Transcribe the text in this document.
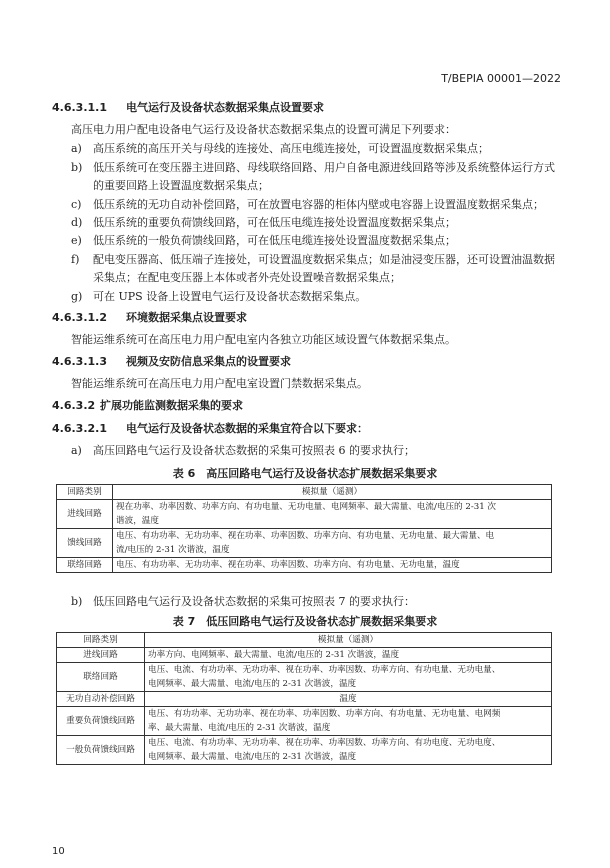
T/BEPIA 00001—2022
4.6.3.1.1 电气运行及设备状态数据采集点设置要求
高压电力用户配电设备电气运行及设备状态数据采集点的设置可满足下列要求：
a) 高压系统的高压开关与母线的连接处、高压电缆连接处，可设置温度数据采集点；
b) 低压系统可在变压器主进回路、母线联络回路、用户自备电源进线回路等涉及系统整体运行方式
的重要回路上设置温度数据采集点；
c) 低压系统的无功自动补偿回路，可在放置电容器的柜体内壁或电容器上设置温度数据采集点；
d) 低压系统的重要负荷馈线回路，可在低压电缆连接处设置温度数据采集点；
e) 低压系统的一般负荷馈线回路，可在低压电缆连接处设置温度数据采集点；
f) 配电变压器高、低压端子连接处，可设置温度数据采集点；如是油浸变压器，还可设置油温数据
采集点；在配电变压器上本体或者外壳处设置噪音数据采集点；
g) 可在 UPS 设备上设置电气运行及设备状态数据采集点。
4.6.3.1.2 环境数据采集点设置要求
智能运维系统可在高压电力用户配电室内各独立功能区域设置气体数据采集点。
4.6.3.1.3 视频及安防信息采集点的设置要求
智能运维系统可在高压电力用户配电室设置门禁数据采集点。
4.6.3.2 扩展功能监测数据采集的要求
4.6.3.2.1 电气运行及设备状态数据的采集宜符合以下要求：
a) 高压回路电气运行及设备状态数据的采集可按照表 6 的要求执行；
表 6　高压回路电气运行及设备状态扩展数据采集要求
回路类别	模拟量（遥测）
进线回路	视在功率、功率因数、功率方向、有功电量、无功电量、电网频率、最大需量、电流/电压的 2-31 次
谐波，温度

馈线回路	电压、有功功率、无功功率、视在功率、功率因数、功率方向、有功电量、无功电量、最大需量、电
流/电压的 2-31 次谐波，温度

联络回路	电压、有功功率、无功功率、视在功率、功率因数、功率方向、有功电量、无功电量，温度
b) 低压回路电气运行及设备状态数据的采集可按照表 7 的要求执行：
表 7　低压回路电气运行及设备状态扩展数据采集要求
回路类别	模拟量（遥测）
进线回路	功率方向、电网频率、最大需量、电流/电压的 2-31 次谐波，温度

联络回路	电压、电流、有功功率、无功功率、视在功率、功率因数、功率方向、有功电量、无功电量、
电网频率、最大需量、电流/电压的 2-31 次谐波，温度

无功自动补偿回路	温度

重要负荷馈线回路	电压、有功功率、无功功率、视在功率、功率因数、功率方向、有功电量、无功电量、电网频
率、最大需量、电流/电压的 2-31 次谐波，温度

一般负荷馈线回路	电压、电流、有功功率、无功功率、视在功率、功率因数、功率方向、有功电度、无功电度、
电网频率、最大需量、电流/电压的 2-31 次谐波，温度
10
